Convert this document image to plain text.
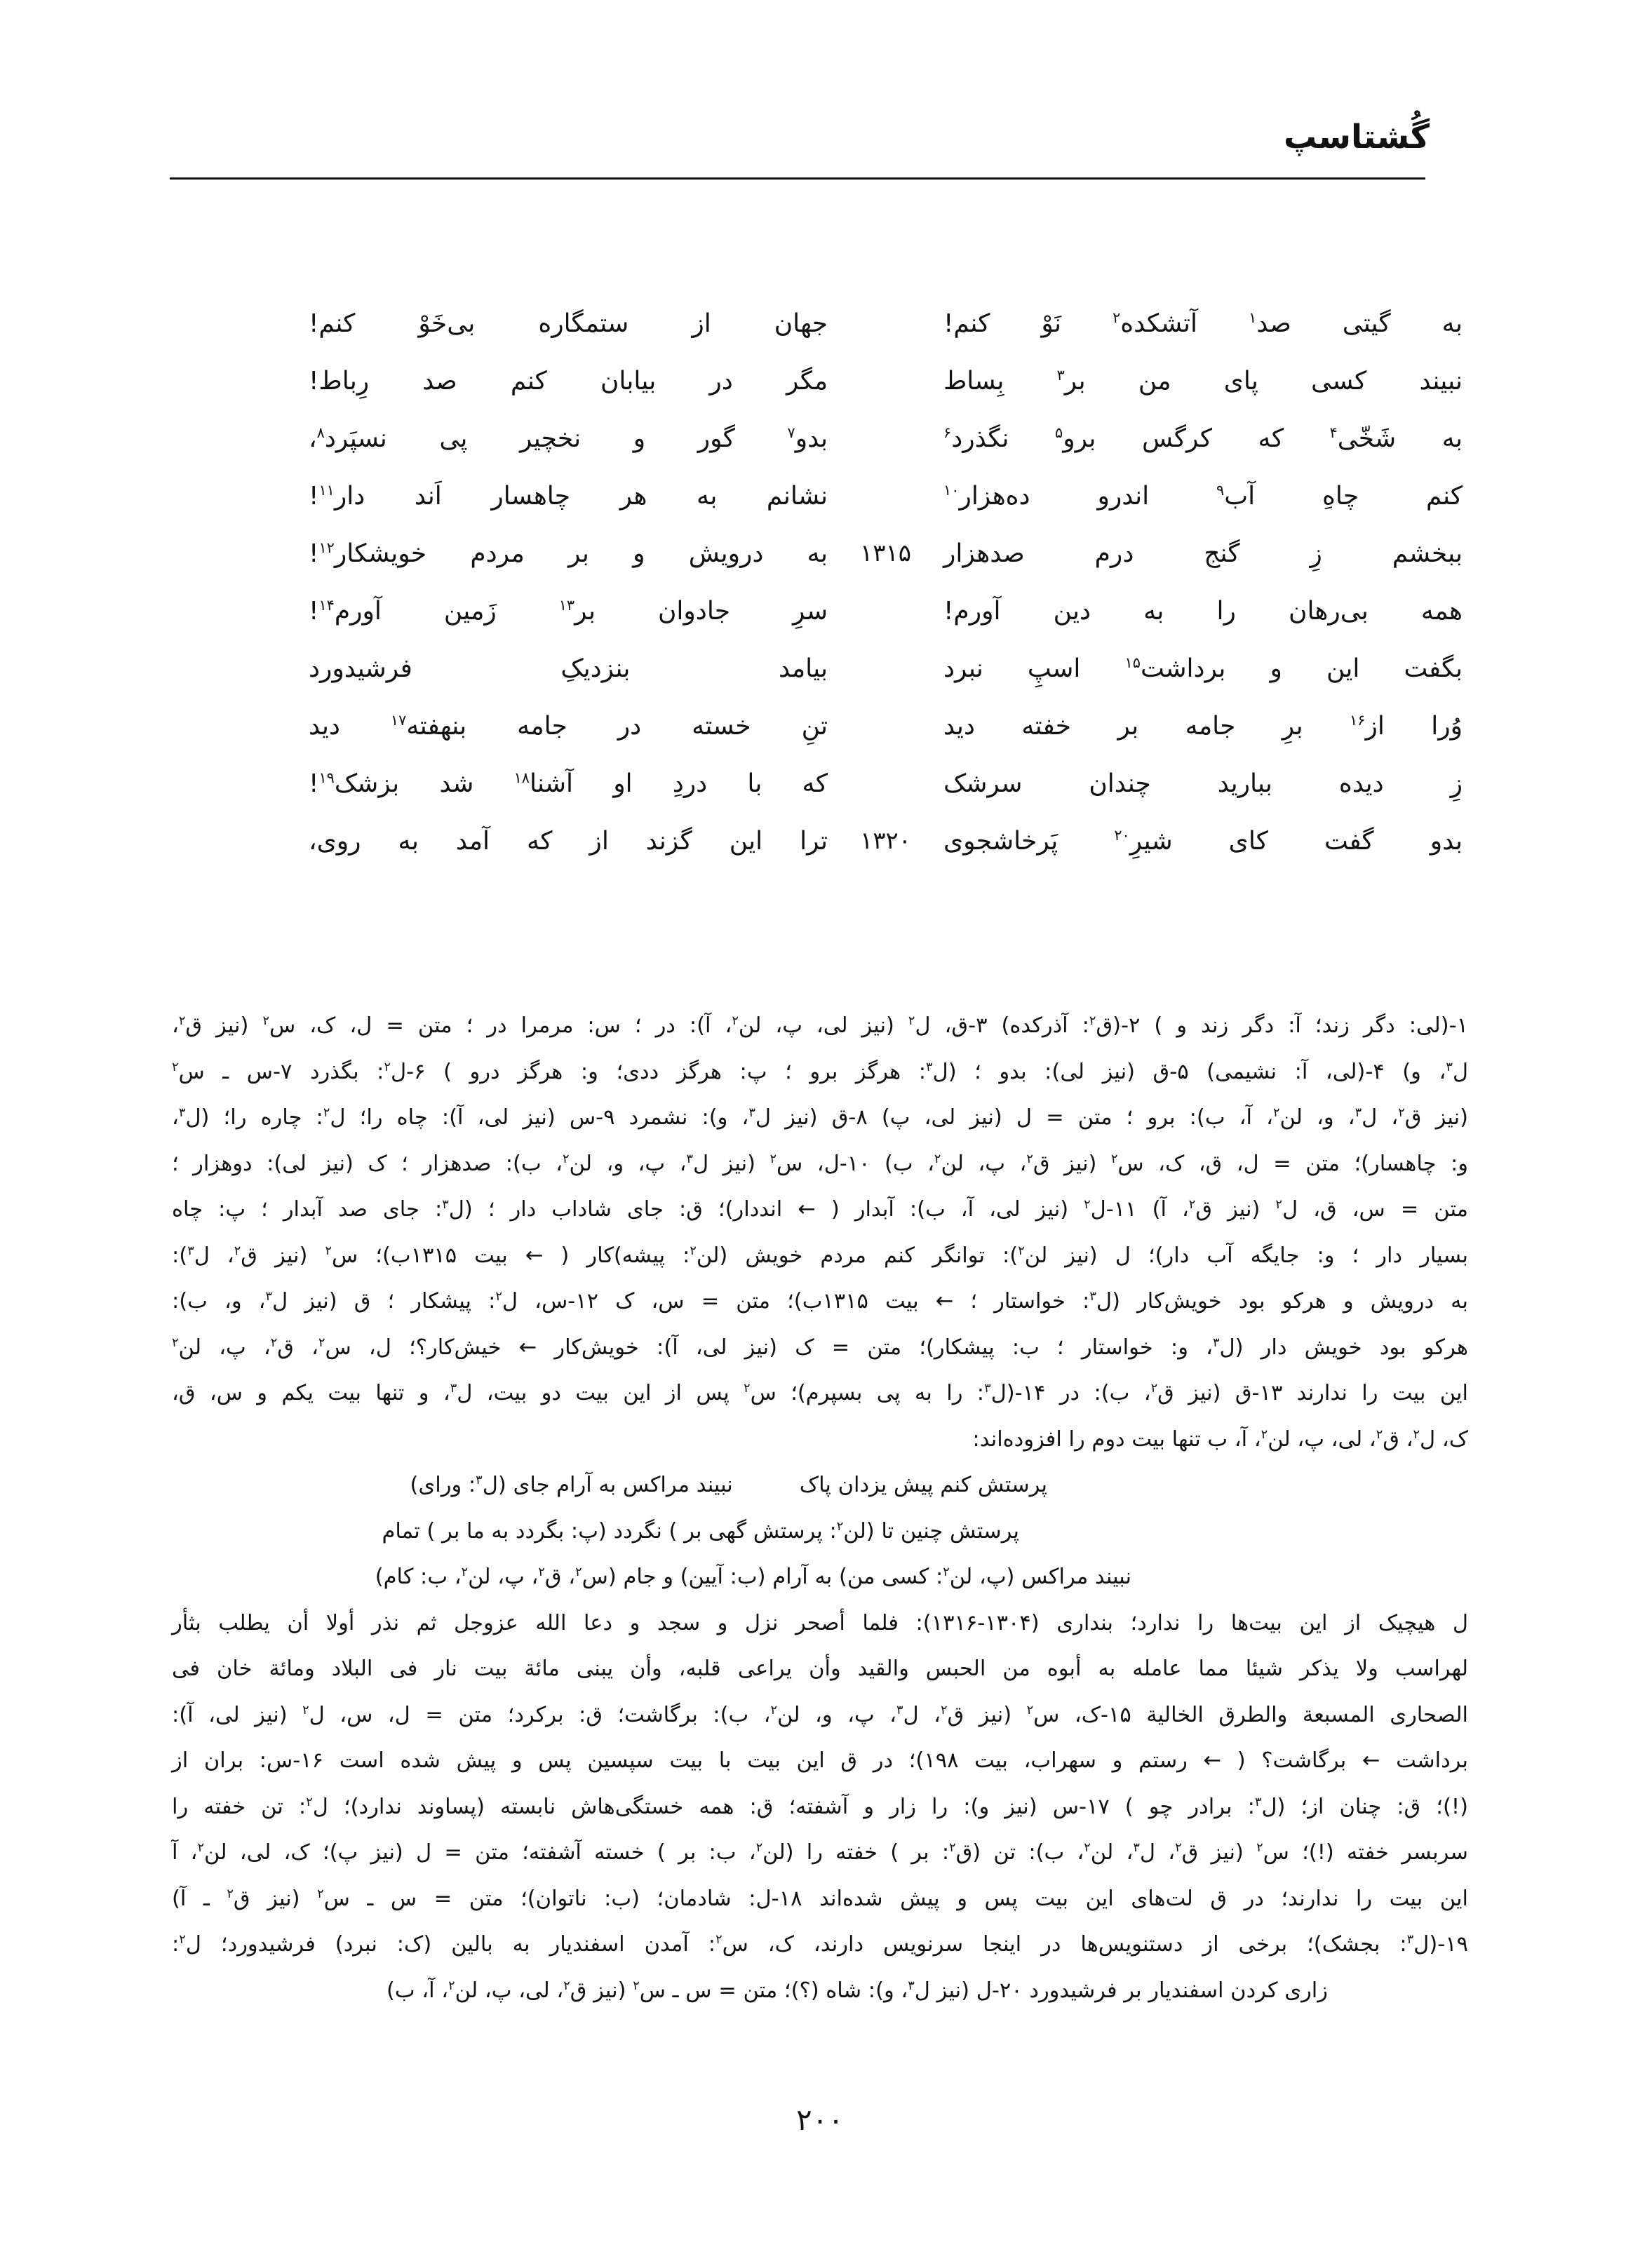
گُشتاسپ
به گیتی صد$^۱$ آتشکده$^۲$ نَوْ کنم!
جهان از ستمگاره بی‌خَوْ کنم!
نبیند کسی پای من بر$^۳$ بِساط
مگر در بیابان کنم صد رِباط!
به شَخّی$^۴$ که کرگس برو$^۵$ نگذرد$^۶$
بدو$^۷$ گور و نخچیر پی نسپَرد$^۸$،
کنم چاهِ آب$^۹$ اندرو ده‌هزار$^{۱۰}$
نشانم به هر چاهسار اَند دار$^{۱۱}$!
ببخشم زِ گنج درم صدهزار
۱۳۱۵
به درویش و بر مردم خویشکار$^{۱۲}$!
همه بی‌رهان را به دین آورم!
سرِ جادوان بر$^{۱۳}$ زَمین آورم$^{۱۴}$!
بگفت این و برداشت$^{۱۵}$ اسپِ نبرد
بیامد بنزدیکِ فرشیدورد
وُرا از$^{۱۶}$ برِ جامه بر خفته دید
تنِ خسته در جامه بنهفته$^{۱۷}$ دید
زِ دیده ببارید چندان سرشک
که با دردِ او آشنا$^{۱۸}$ شد بزشک$^{۱۹}$!
بدو گفت کای شیرِ$^{۲۰}$ پَرخاشجوی
۱۳۲۰
ترا این گزند از که آمد به روی،
۱-(لی: دگر زند؛ آ: دگر زند و ) ۲-(ق$^۲$: آذرکده) ۳-ق، ل$^۲$ (نیز لی، پ، لن$^۲$، آ): در ؛ س: مرمرا در ؛ متن = ل، ک، س$^۲$ (نیز ق$^۲$،
ل$^۳$، و) ۴-(لی، آ: نشیمی) ۵-ق (نیز لی): بدو ؛ (ل$^۳$: هرگز برو ؛ پ: هرگز ددی؛ و: هرگز درو ) ۶-ل$^۲$: بگذرد ۷-س ـ س$^۲$
(نیز ق$^۲$، ل$^۳$، و، لن$^۲$، آ، ب): برو ؛ متن = ل (نیز لی، پ) ۸-ق (نیز ل$^۳$، و): نشمرد ۹-س (نیز لی، آ): چاه را؛ ل$^۲$: چاره را؛ (ل$^۳$،
و: چاهسار)؛ متن = ل، ق، ک، س$^۲$ (نیز ق$^۲$، پ، لن$^۲$، ب) ۱۰-ل، س$^۲$ (نیز ل$^۳$، پ، و، لن$^۲$، ب): صدهزار ؛ ک (نیز لی): دوهزار ؛
متن = س، ق، ل$^۲$ (نیز ق$^۲$، آ) ۱۱-ل$^۲$ (نیز لی، آ، ب): آبدار ( ← انددار)؛ ق: جای شاداب دار ؛ (ل$^۳$: جای صد آبدار ؛ پ: چاه
بسیار دار ؛ و: جایگه آب دار)؛ ل (نیز لن$^۲$): توانگر کنم مردم خویش (لن$^۲$: پیشه)کار ( ← بیت ۱۳۱۵ب)؛ س$^۲$ (نیز ق$^۲$، ل$^۳$):
به درویش و هرکو بود خویش‌کار (ل$^۳$: خواستار ؛ ← بیت ۱۳۱۵ب)؛ متن = س، ک ۱۲-س، ل$^۲$: پیشکار ؛ ق (نیز ل$^۳$، و، ب):
هرکو بود خویش دار (ل$^۳$، و: خواستار ؛ ب: پیشکار)؛ متن = ک (نیز لی، آ): خویش‌کار ← خیش‌کار؟؛ ل، س$^۲$، ق$^۲$، پ، لن$^۲$
این بیت را ندارند ۱۳-ق (نیز ق$^۲$، ب): در ۱۴-(ل$^۳$: را به پی بسپرم)؛ س$^۲$ پس از این بیت دو بیت، ل$^۳$، و تنها بیت یکم و س، ق،
ک، ل$^۲$، ق$^۲$، لی، پ، لن$^۲$، آ، ب تنها بیت دوم را افزوده‌اند:
پرستش کنم پیش یزدان پاکنبیند مراکس به آرام جای (ل$^۳$: ورای)
پرستش چنین تا (لن$^۲$: پرستش گهی بر ) نگردد (پ: بگردد به ما بر ) تمام
نبیند مراکس (پ، لن$^۲$: کسی من) به آرام (ب: آیین) و جام (س$^۲$، ق$^۲$، پ، لن$^۲$، ب: کام)
ل هیچیک از این بیت‌ها را ندارد؛ بنداری (۱۳۰۴-۱۳۱۶): فلما أصحر نزل و سجد و دعا الله عزوجل ثم نذر أولا أن یطلب بثأر
لهراسب ولا یذکر شیئا مما عامله به أبوه من الحبس والقید وأن یراعی قلبه، وأن یبنی مائة بیت نار فی البلاد ومائة خان فی
الصحاری المسبعة والطرق الخالیة ۱۵-ک، س$^۲$ (نیز ق$^۲$، ل$^۳$، پ، و، لن$^۲$، ب): برگاشت؛ ق: برکرد؛ متن = ل، س، ل$^۲$ (نیز لی، آ):
برداشت ← برگاشت؟ ( ← رستم و سهراب، بیت ۱۹۸)؛ در ق این بیت با بیت سپسین پس و پیش شده است ۱۶-س: بران از
(!)؛ ق: چنان از؛ (ل$^۳$: برادر چو ) ۱۷-س (نیز و): را زار و آشفته؛ ق: همه خستگی‌هاش نابسته (پساوند ندارد)؛ ل$^۲$: تن خفته را
سربسر خفته (!)؛ س$^۲$ (نیز ق$^۲$، ل$^۳$، لن$^۲$، ب): تن (ق$^۲$: بر ) خفته را (لن$^۲$، ب: بر ) خسته آشفته؛ متن = ل (نیز پ)؛ ک، لی، لن$^۲$، آ
این بیت را ندارند؛ در ق لت‌های این بیت پس و پیش شده‌اند ۱۸-ل: شادمان؛ (ب: ناتوان)؛ متن = س ـ س$^۲$ (نیز ق$^۲$ ـ آ)
۱۹-(ل$^۳$: بجشک)؛ برخی از دستنویس‌ها در اینجا سرنویس دارند، ک، س$^۲$: آمدن اسفندیار به بالین (ک: نبرد) فرشیدورد؛ ل$^۲$:
زاری کردن اسفندیار بر فرشیدورد ۲۰-ل (نیز ل$^۳$، و): شاه (؟)؛ متن = س ـ س$^۲$ (نیز ق$^۲$، لی، پ، لن$^۲$، آ، ب)
۲۰۰
